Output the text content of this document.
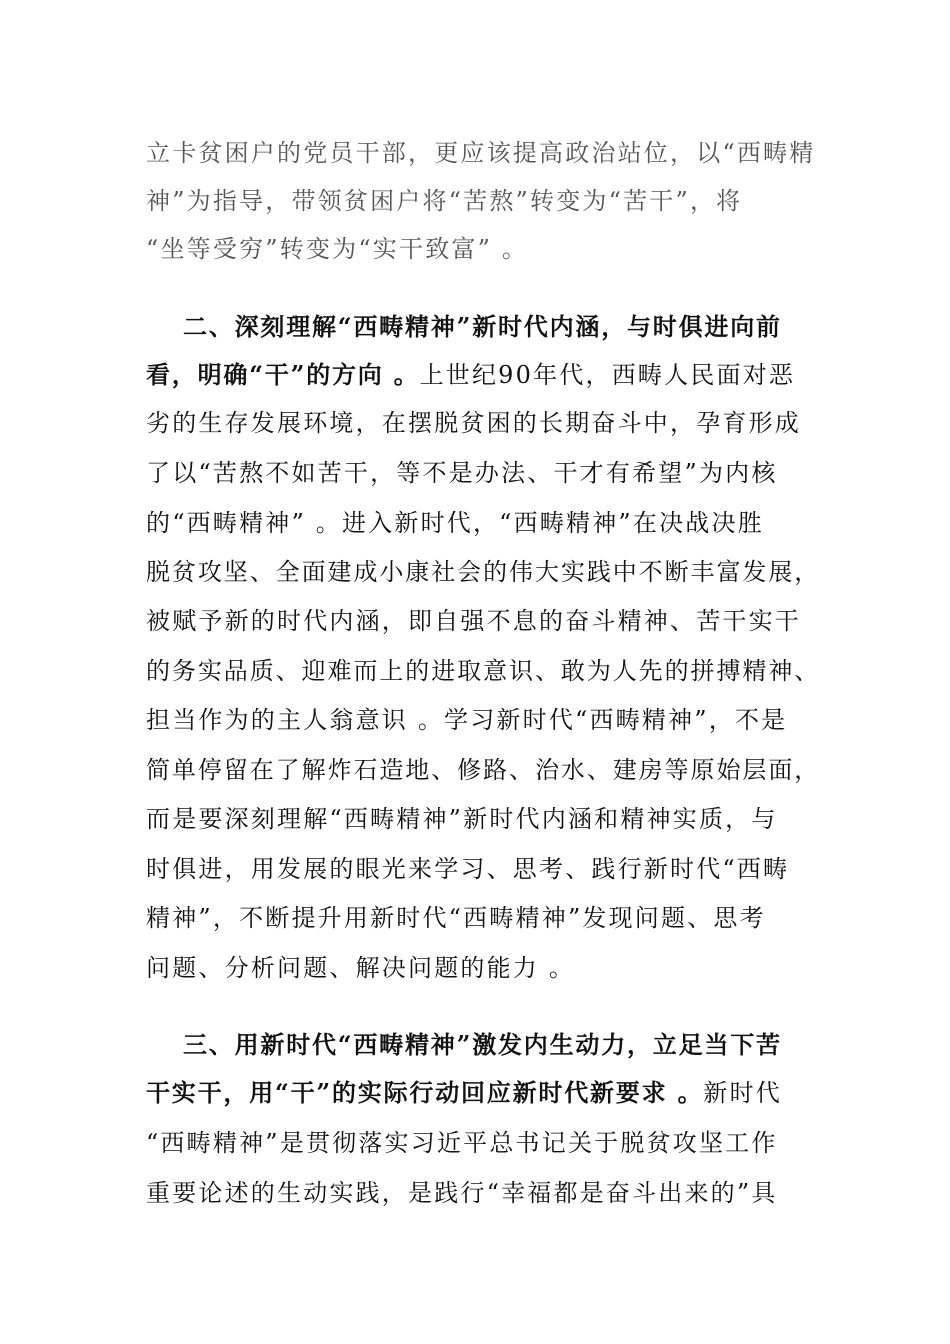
立卡贫困户的党员干部，更应该提高政治站位，以“西畴精
神”为指导，带领贫困户将“苦熬”转变为“苦干”，将
“坐等受穷”转变为“实干致富” 。
二、深刻理解“西畴精神”新时代内涵，与时俱进向前
看，明确“干”的方向 。上世纪90年代，西畴人民面对恶
劣的生存发展环境，在摆脱贫困的长期奋斗中，孕育形成
了以“苦熬不如苦干，等不是办法、干才有希望”为内核
的“西畴精神” 。进入新时代，“西畴精神”在决战决胜
脱贫攻坚、全面建成小康社会的伟大实践中不断丰富发展，
被赋予新的时代内涵，即自强不息的奋斗精神、苦干实干
的务实品质、迎难而上的进取意识、敢为人先的拼搏精神、
担当作为的主人翁意识 。学习新时代“西畴精神”，不是
简单停留在了解炸石造地、修路、治水、建房等原始层面，
而是要深刻理解“西畴精神”新时代内涵和精神实质，与
时俱进，用发展的眼光来学习、思考、践行新时代“西畴
精神”，不断提升用新时代“西畴精神”发现问题、思考
问题、分析问题、解决问题的能力 。
三、用新时代“西畴精神”激发内生动力，立足当下苦
干实干，用“干”的实际行动回应新时代新要求 。新时代
“西畴精神”是贯彻落实习近平总书记关于脱贫攻坚工作
重要论述的生动实践，是践行“幸福都是奋斗出来的”具
